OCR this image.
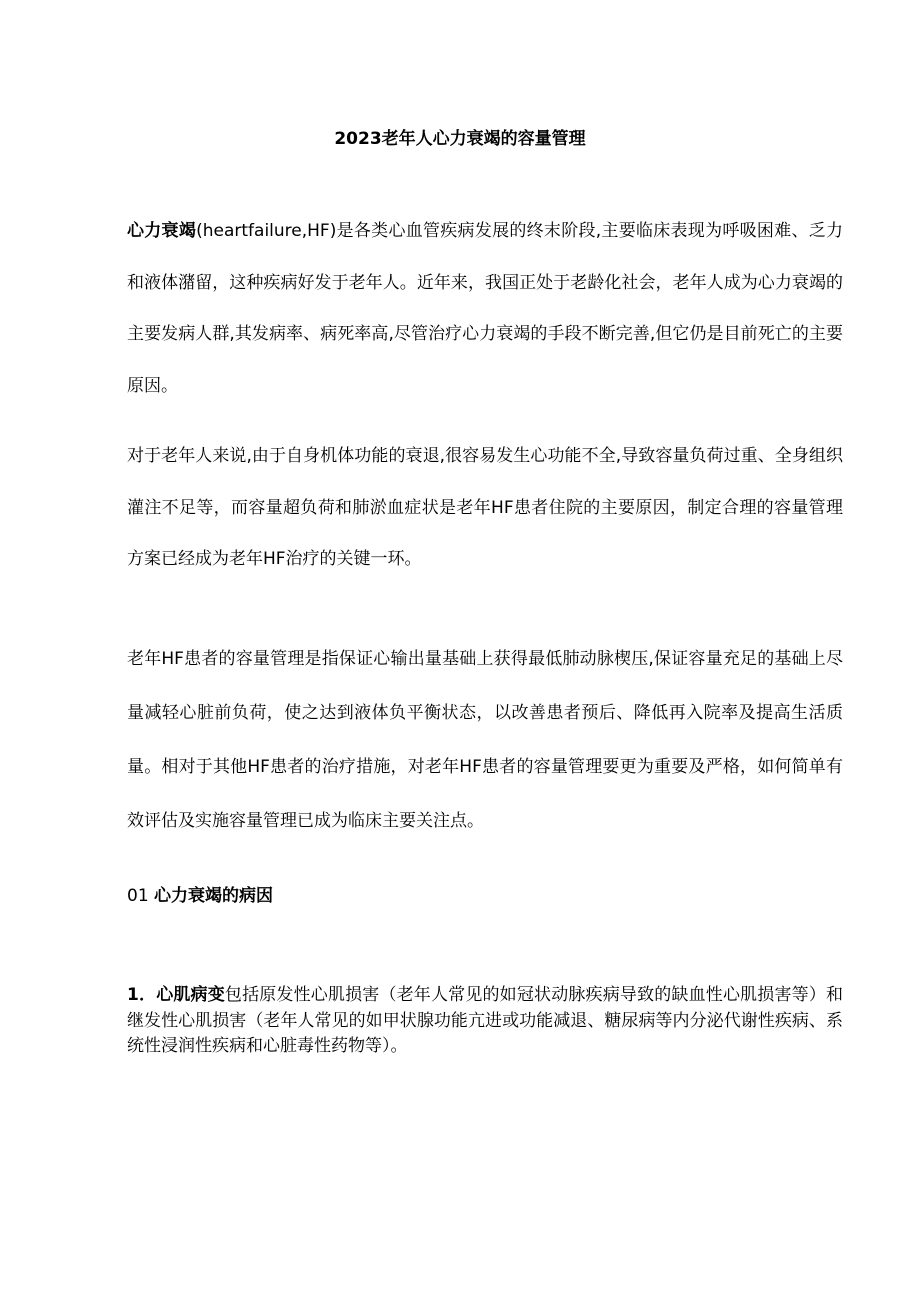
2023老年人心力衰竭的容量管理
心力衰竭(heartfailure,HF)是各类心血管疾病发展的终末阶段,主要临床表现为呼吸困难、乏力和液体潴留，这种疾病好发于老年人。近年来，我国正处于老龄化社会，老年人成为心力衰竭的主要发病人群,其发病率、病死率高,尽管治疗心力衰竭的手段不断完善,但它仍是目前死亡的主要原因。
对于老年人来说,由于自身机体功能的衰退,很容易发生心功能不全,导致容量负荷过重、全身组织灌注不足等，而容量超负荷和肺淤血症状是老年HF患者住院的主要原因，制定合理的容量管理方案已经成为老年HF治疗的关键一环。
老年HF患者的容量管理是指保证心输出量基础上获得最低肺动脉楔压,保证容量充足的基础上尽量减轻心脏前负荷，使之达到液体负平衡状态，以改善患者预后、降低再入院率及提高生活质量。相对于其他HF患者的治疗措施，对老年HF患者的容量管理要更为重要及严格，如何简单有效评估及实施容量管理已成为临床主要关注点。
01 心力衰竭的病因
1．心肌病变包括原发性心肌损害（老年人常见的如冠状动脉疾病导致的缺血性心肌损害等）和继发性心肌损害（老年人常见的如甲状腺功能亢进或功能减退、糖尿病等内分泌代谢性疾病、系统性浸润性疾病和心脏毒性药物等）。
